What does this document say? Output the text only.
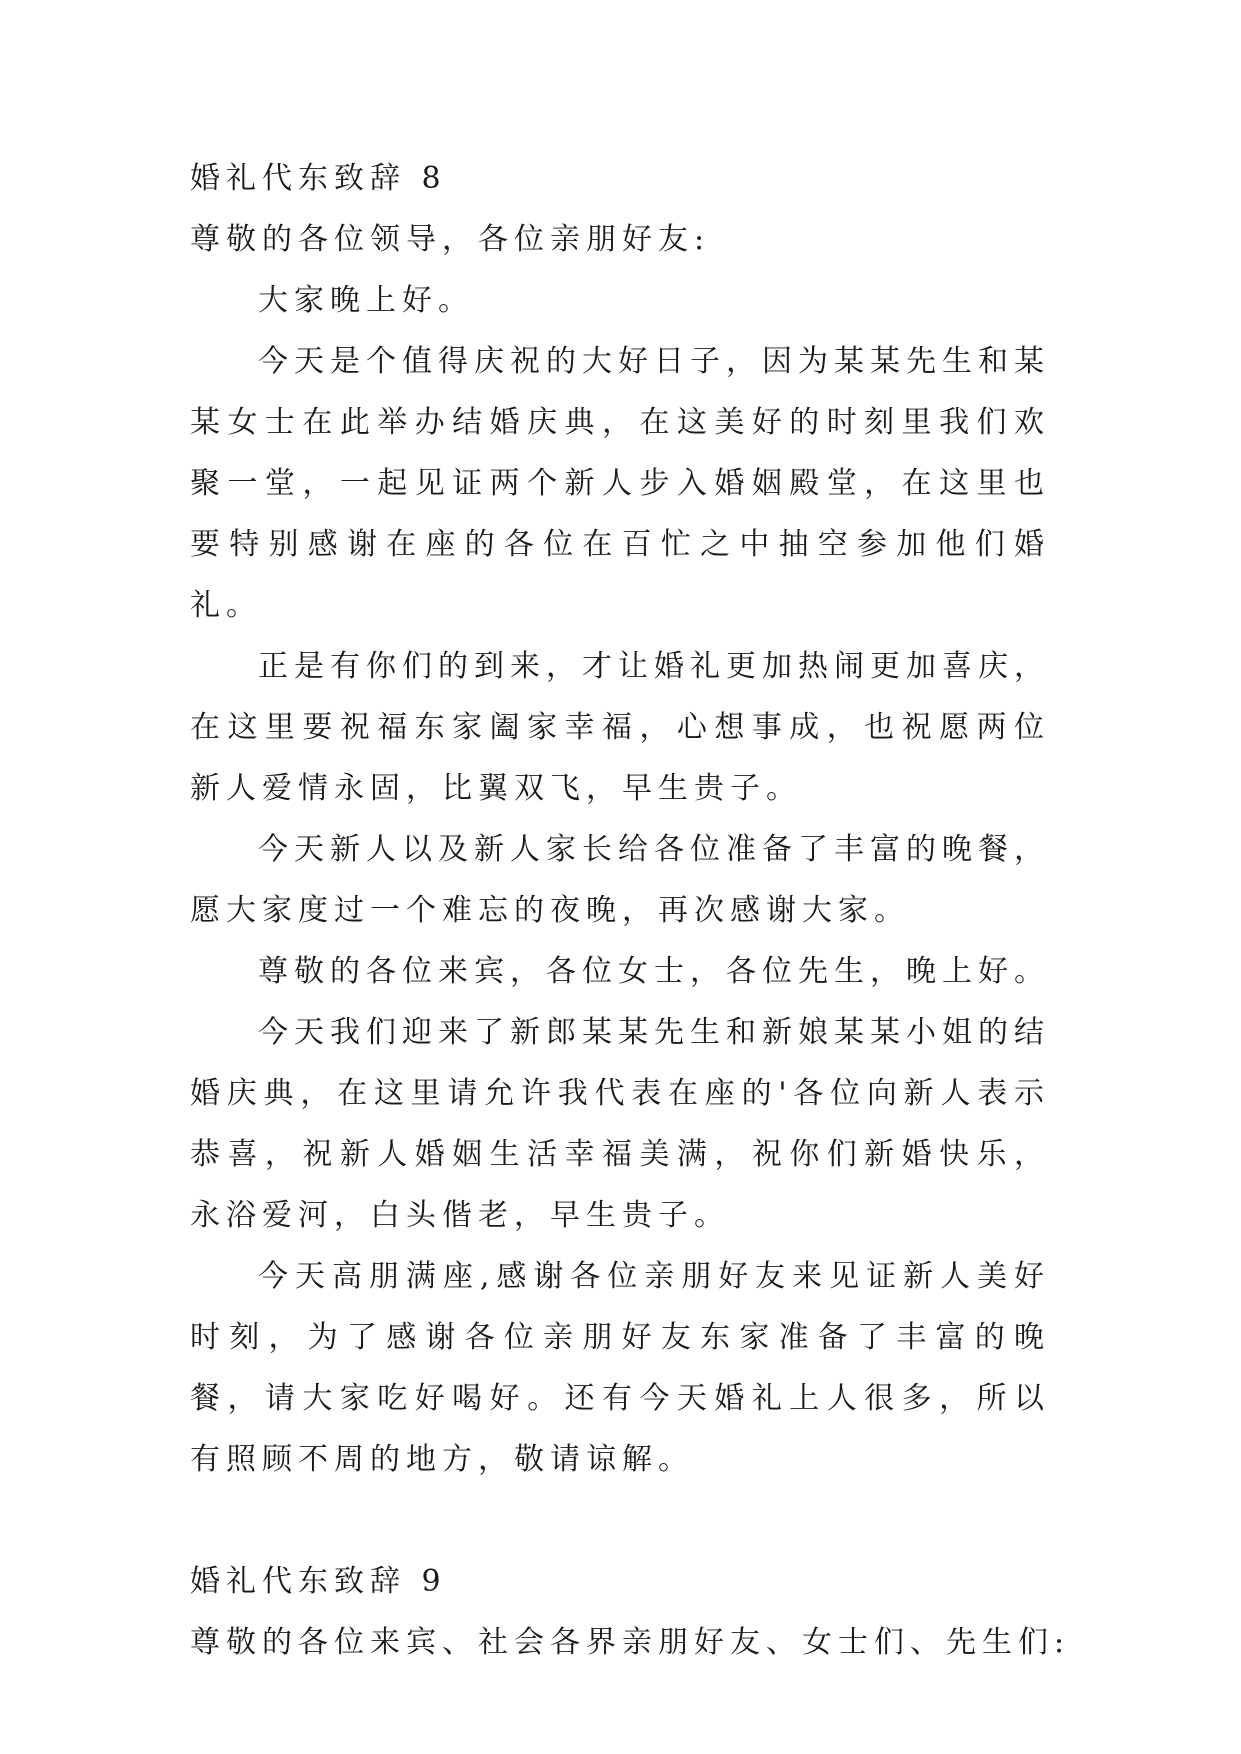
婚礼代东致辞 8

尊敬的各位领导，各位亲朋好友:

大家晚上好。

今天是个值得庆祝的大好日子，因为某某先生和某某女士在此举办结婚庆典，在这美好的时刻里我们欢聚一堂，一起见证两个新人步入婚姻殿堂，在这里也要特别感谢在座的各位在百忙之中抽空参加他们婚礼。

正是有你们的到来，才让婚礼更加热闹更加喜庆，在这里要祝福东家阖家幸福，心想事成，也祝愿两位新人爱情永固，比翼双飞，早生贵子。

今天新人以及新人家长给各位准备了丰富的晚餐，愿大家度过一个难忘的夜晚，再次感谢大家。

尊敬的各位来宾，各位女士，各位先生，晚上好。

今天我们迎来了新郎某某先生和新娘某某小姐的结婚庆典，在这里请允许我代表在座的'各位向新人表示恭喜，祝新人婚姻生活幸福美满，祝你们新婚快乐，永浴爱河，白头偕老，早生贵子。

今天高朋满座,感谢各位亲朋好友来见证新人美好时刻，为了感谢各位亲朋好友东家准备了丰富的晚餐，请大家吃好喝好。还有今天婚礼上人很多，所以有照顾不周的地方，敬请谅解。

婚礼代东致辞 9

尊敬的各位来宾、社会各界亲朋好友、女士们、先生们:
